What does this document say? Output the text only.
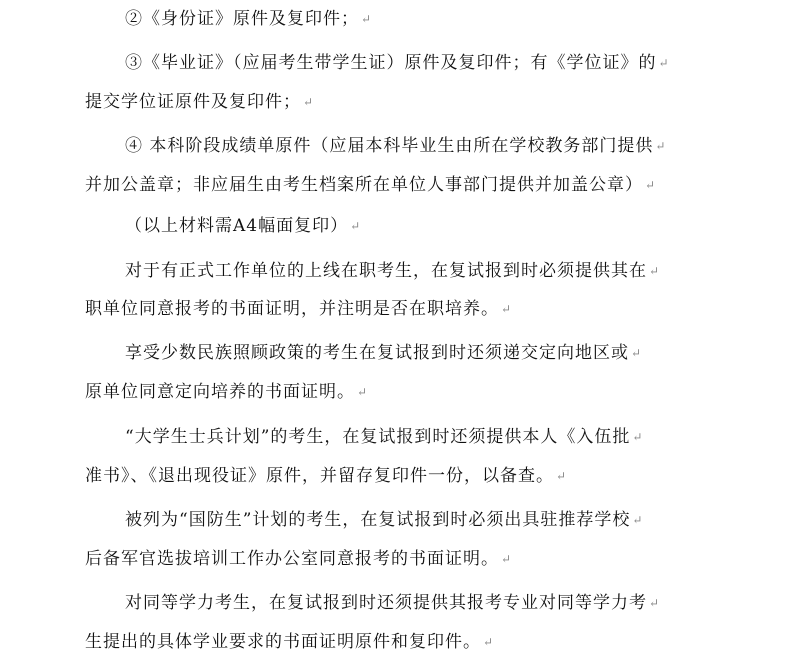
②《身份证》原件及复印件； ↵
③《毕业证》（应届考生带学生证）原件及复印件；有《学位证》的 ↵
提交学位证原件及复印件； ↵
④ 本科阶段成绩单原件（应届本科毕业生由所在学校教务部门提供 ↵
并加公盖章；非应届生由考生档案所在单位人事部门提供并加盖公章） ↵
（以上材料需A4幅面复印） ↵
对于有正式工作单位的上线在职考生，在复试报到时必须提供其在 ↵
职单位同意报考的书面证明，并注明是否在职培养。 ↵
享受少数民族照顾政策的考生在复试报到时还须递交定向地区或 ↵
原单位同意定向培养的书面证明。 ↵
“大学生士兵计划”的考生，在复试报到时还须提供本人《入伍批 ↵
准书》、《退出现役证》原件，并留存复印件一份，以备查。 ↵
被列为“国防生”计划的考生，在复试报到时必须出具驻推荐学校 ↵
后备军官选拔培训工作办公室同意报考的书面证明。 ↵
对同等学力考生，在复试报到时还须提供其报考专业对同等学力考 ↵
生提出的具体学业要求的书面证明原件和复印件。 ↵
